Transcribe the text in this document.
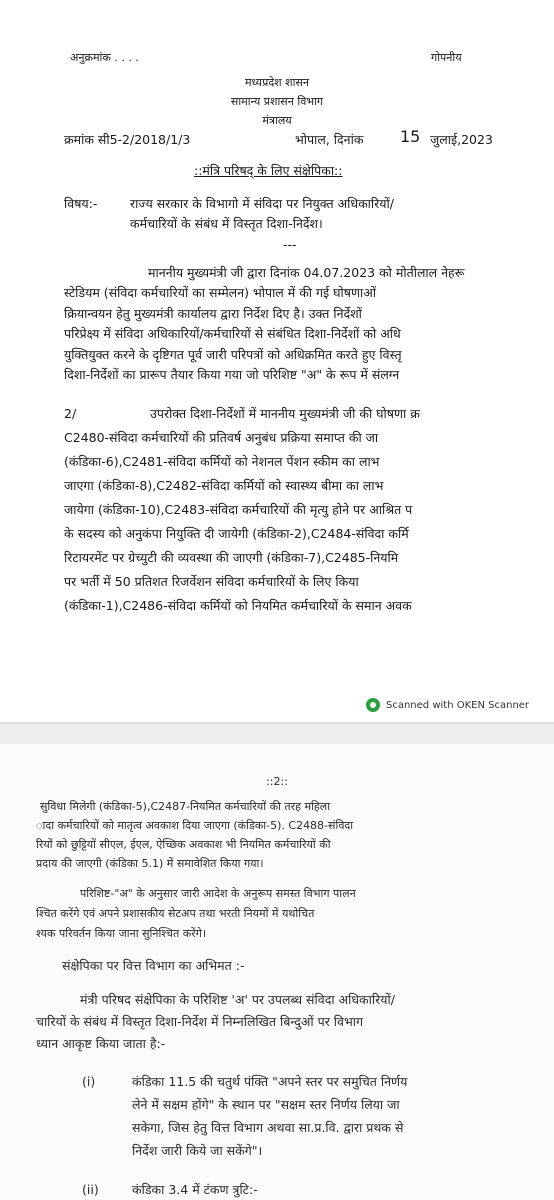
अनुक्रमांक . . . .	गोपनीय
मध्यप्रदेश शासन
सामान्य प्रशासन विभाग
मंत्रालय
क्रमांक सी5-2/2018/1/3	भोपाल, दिनांक 15 जुलाई,2023
::मंत्रि परिषद् के लिए संक्षेपिका::
विषय:-	राज्य सरकार के विभागो में संविदा पर नियुक्त अधिकारियों/
कर्मचारियों के संबंध में विस्तृत दिशा-निर्देश।
---
माननीय मुख्यमंत्री जी द्वारा दिनांक 04.07.2023 को मोतीलाल नेहरू
स्टेडियम (संविदा कर्मचारियों का सम्मेलन) भोपाल में की गई घोषणाओं
क्रियान्वयन हेतु मुख्यमंत्री कार्यालय द्वारा निर्देश दिए है। उक्त निर्देशों
परिप्रेक्ष्य में संविदा अधिकारियों/कर्मचारियों से संबंधित दिशा-निर्देशों को अधि
युक्तियुक्त करने के दृष्टिगत पूर्व जारी परिपत्रों को अधिक्रमित करते हुए विस्तृ
दिशा-निर्देशों का प्रारूप तैयार किया गया जो परिशिष्ट "अ" के रूप में संलग्न
2/	उपरोक्त दिशा-निर्देशों में माननीय मुख्यमंत्री जी की घोषणा क्र
C2480-संविदा कर्मचारियों की प्रतिवर्ष अनुबंध प्रक्रिया समाप्त की जा
(कंडिका-6),C2481-संविदा कर्मियों को नेशनल पेंशन स्कीम का लाभ
जाएगा (कंडिका-8),C2482-संविदा कर्मियों को स्वास्थ्य बीमा का लाभ
जायेगा (कंडिका-10),C2483-संविदा कर्मचारियों की मृत्यु होने पर आश्रित प
के सदस्य को अनुकंपा नियुक्ति दी जायेगी (कंडिका-2),C2484-संविदा कर्मि
रिटायरमेंट पर ग्रेच्युटी की व्यवस्था की जाएगी (कंडिका-7),C2485-नियमि
पर भर्ती में 50 प्रतिशत रिजर्वेशन संविदा कर्मचारियों के लिए किया
(कंडिका-1),C2486-संविदा कर्मियों को नियमित कर्मचारियों के समान अवक
Scanned with OKEN Scanner
::2::
सुविधा मिलेगी (कंडिका-5),C2487-नियमित कर्मचारियों की तरह महिला
ादा कर्मचारियों को मातृत्व अवकाश दिया जाएगा (कंडिका-5). C2488-संविदा
रियों को छुट्टियों सीएल, ईएल, ऐच्छिक अवकाश भी नियमित कर्मचारियों की
प्रदाय की जाएगी (कंडिका 5.1) में समावेशित किया गया।
परिशिष्ट-"अ" के अनुसार जारी आदेश के अनुरूप समस्त विभाग पालन
श्चित करेंगे एवं अपने प्रशासकीय सेटअप तथा भरती नियमों में यथोचित
श्यक परिवर्तन किया जाना सुनिश्चित करेंगे।
संक्षेपिका पर वित्त विभाग का अभिमत :-
मंत्री परिषद संक्षेपिका के परिशिष्ट 'अ' पर उपलब्ध संविदा अधिकारियों/
चारियों के संबंध में विस्तृत दिशा-निर्देश में निम्नलिखित बिन्दुओं पर विभाग
ध्यान आकृष्ट किया जाता है:-
(i)	कंडिका 11.5 की चतुर्थ पंक्ति "अपने स्तर पर समुचित निर्णय
लेने में सक्षम होंगे" के स्थान पर "सक्षम स्तर निर्णय लिया जा
सकेगा, जिस हेतु वित्त विभाग अथवा सा.प्र.वि. द्वारा प्रथक से
निर्देश जारी किये जा सकेंगे"।
(ii)	कंडिका 3.4 में टंकण त्रुटि:-
